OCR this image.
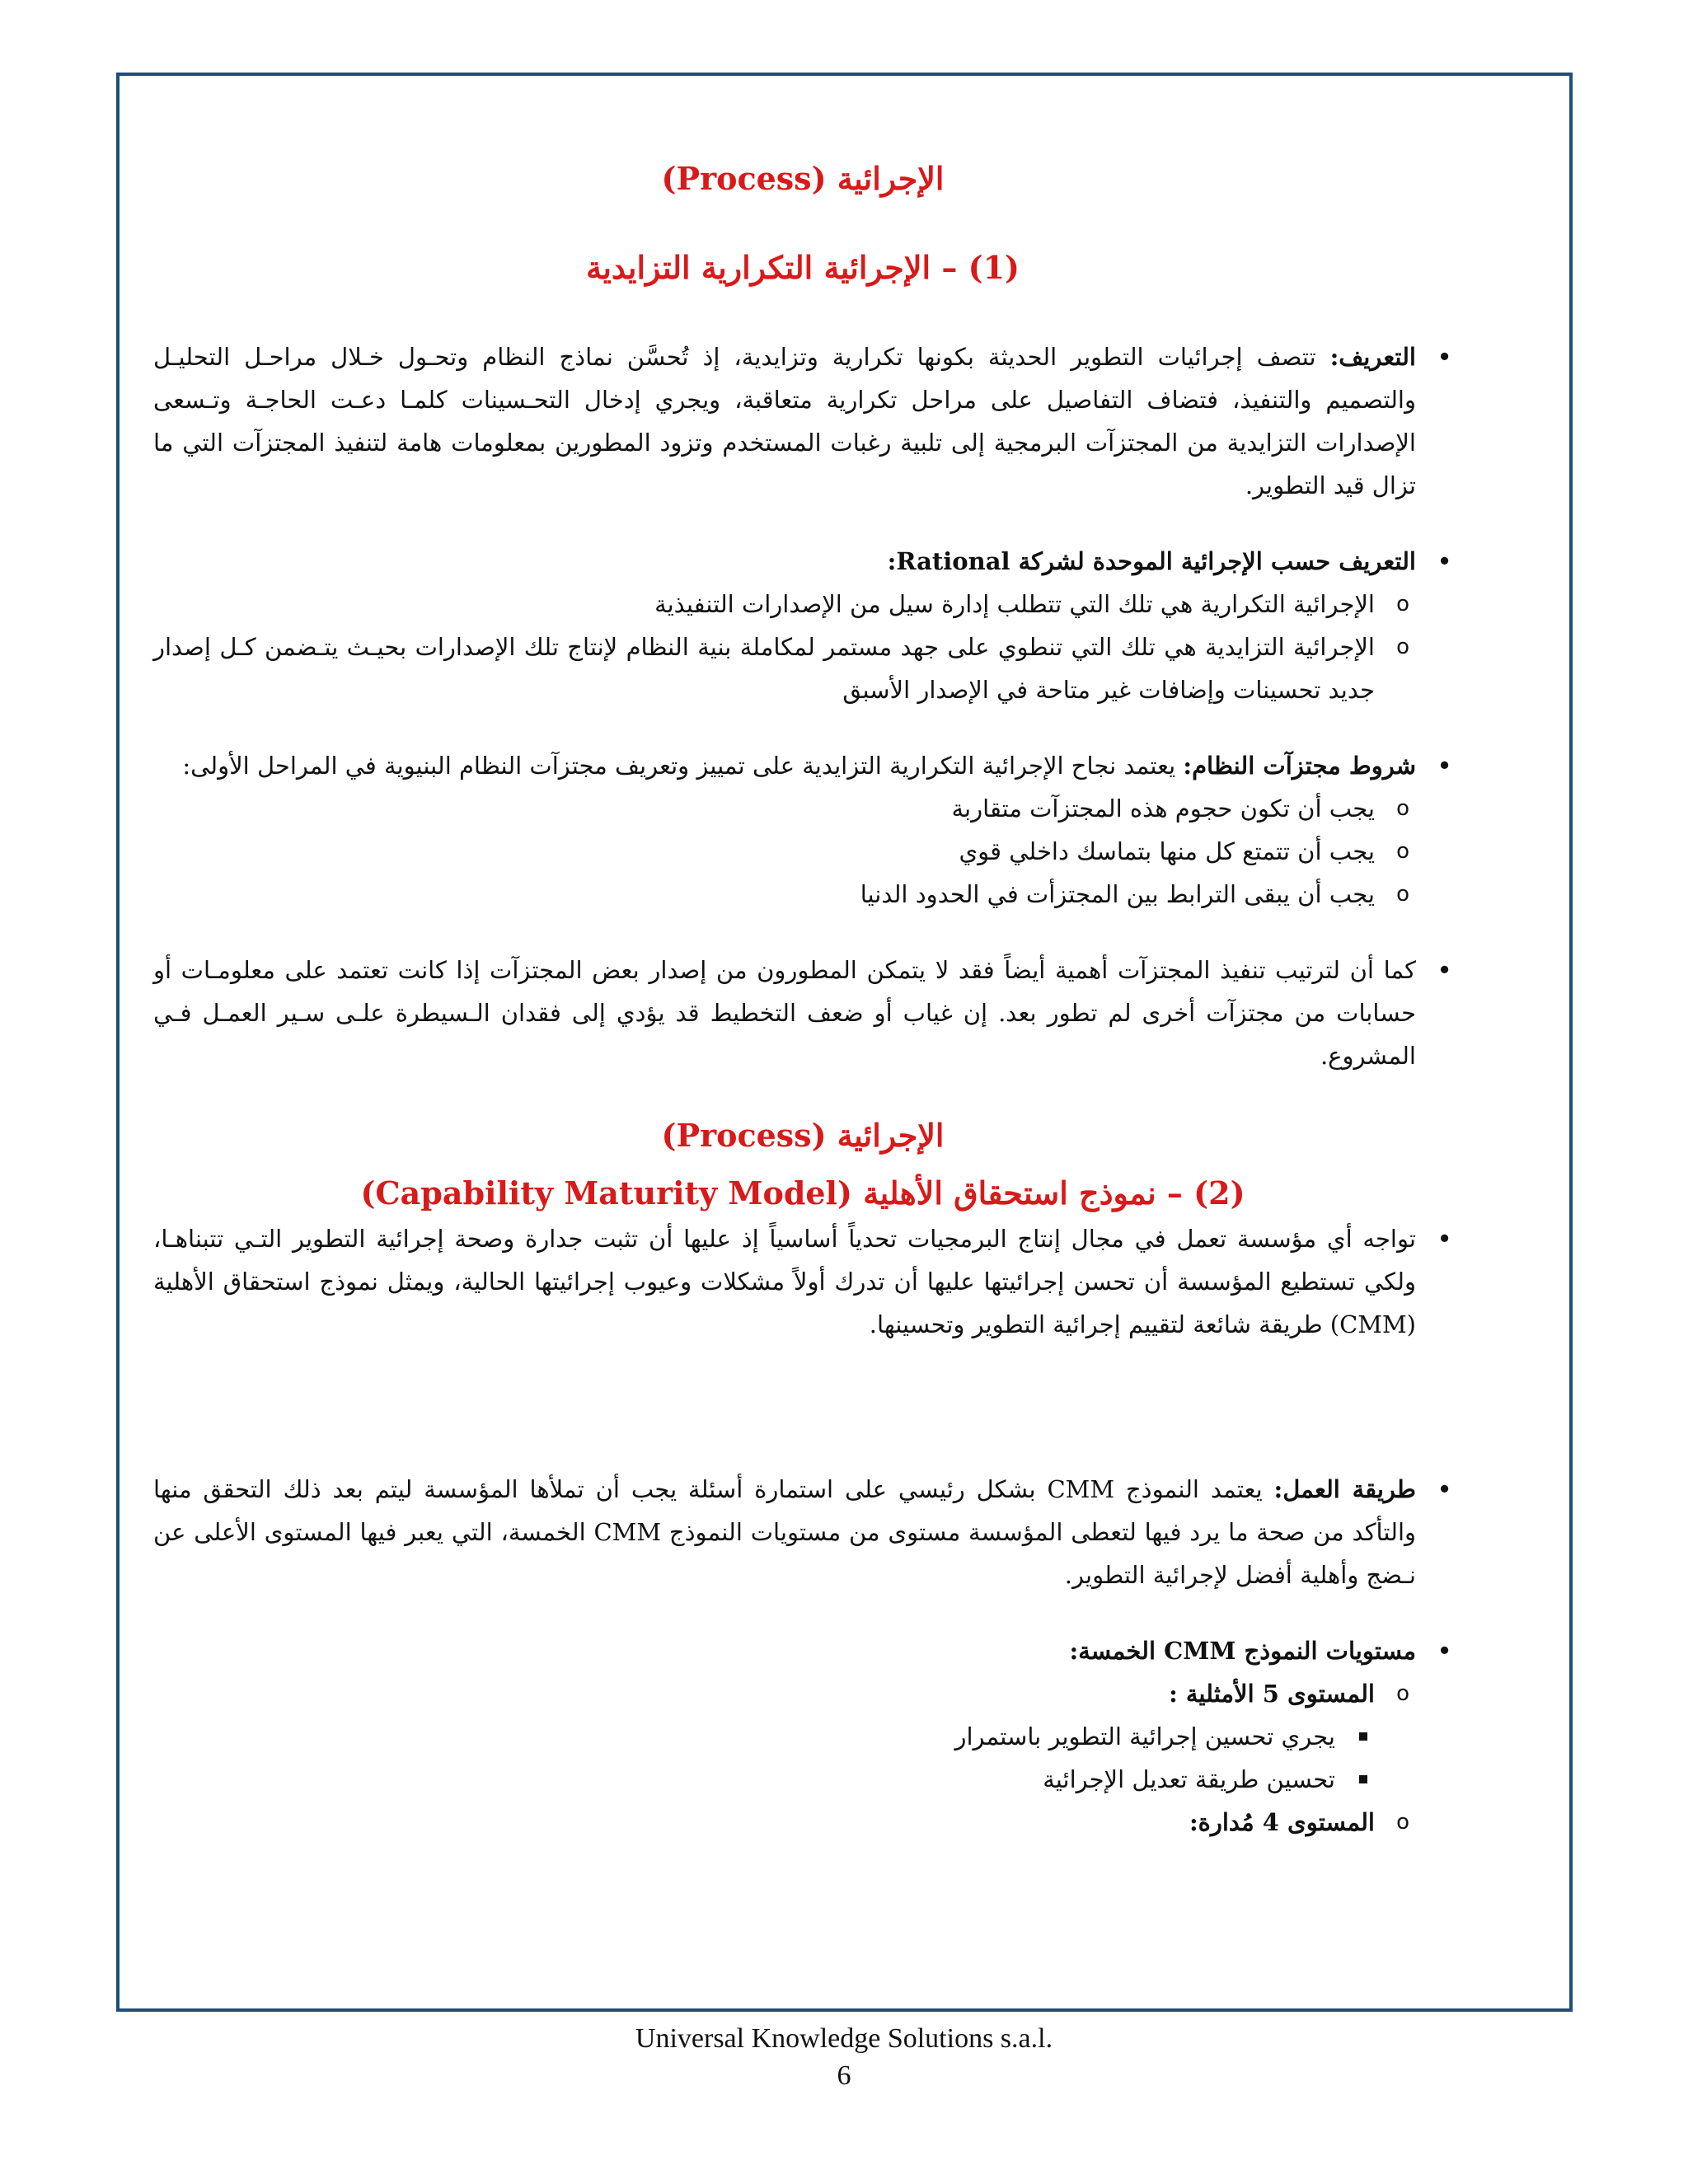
الإجرائية (Process)
(1) – الإجرائية التكرارية التزايدية
• التعريف: تتصف إجرائيات التطوير الحديثة بكونها تكرارية وتزايدية، إذ تُحسَّن نماذج النظام وتحـول خـلال مراحـل التحليـل والتصميم والتنفيذ، فتضاف التفاصيل على مراحل تكرارية متعاقبة، ويجري إدخال التحـسينات كلمـا دعـت الحاجـة وتـسعى الإصدارات التزايدية من المجتزآت البرمجية إلى تلبية رغبات المستخدم وتزود المطورين بمعلومات هامة لتنفيذ المجتزآت التي ما تزال قيد التطوير.
• التعريف حسب الإجرائية الموحدة لشركة Rational:
o الإجرائية التكرارية هي تلك التي تتطلب إدارة سيل من الإصدارات التنفيذية
o الإجرائية التزايدية هي تلك التي تنطوي على جهد مستمر لمكاملة بنية النظام لإنتاج تلك الإصدارات بحيـث يتـضمن كـل إصدار جديد تحسينات وإضافات غير متاحة في الإصدار الأسبق
• شروط مجتزآت النظام: يعتمد نجاح الإجرائية التكرارية التزايدية على تمييز وتعريف مجتزآت النظام البنيوية في المراحل الأولى:
o يجب أن تكون حجوم هذه المجتزآت متقاربة
o يجب أن تتمتع كل منها بتماسك داخلي قوي
o يجب أن يبقى الترابط بين المجتزأت في الحدود الدنيا
• كما أن لترتيب تنفيذ المجتزآت أهمية أيضاً فقد لا يتمكن المطورون من إصدار بعض المجتزآت إذا كانت تعتمد على معلومـات أو حسابات من مجتزآت أخرى لم تطور بعد. إن غياب أو ضعف التخطيط قد يؤدي إلى فقدان الـسيطرة علـى سـير العمـل فـي المشروع.
الإجرائية (Process)
(2) – نموذج استحقاق الأهلية (Capability Maturity Model)
• تواجه أي مؤسسة تعمل في مجال إنتاج البرمجيات تحدياً أساسياً إذ عليها أن تثبت جدارة وصحة إجرائية التطوير التـي تتبناهـا، ولكي تستطيع المؤسسة أن تحسن إجرائيتها عليها أن تدرك أولاً مشكلات وعيوب إجرائيتها الحالية، ويمثل نموذج استحقاق الأهلية (CMM) طريقة شائعة لتقييم إجرائية التطوير وتحسينها.
• طريقة العمل: يعتمد النموذج CMM بشكل رئيسي على استمارة أسئلة يجب أن تملأها المؤسسة ليتم بعد ذلك التحقق منها والتأكد من صحة ما يرد فيها لتعطى المؤسسة مستوى من مستويات النموذج CMM الخمسة، التي يعبر فيها المستوى الأعلى عن نـضج وأهلية أفضل لإجرائية التطوير.
• مستويات النموذج CMM الخمسة:
o المستوى 5 الأمثلية :
يجري تحسين إجرائية التطوير باستمرار
تحسين طريقة تعديل الإجرائية
o المستوى 4 مُدارة:
Universal Knowledge Solutions s.a.l.
6
